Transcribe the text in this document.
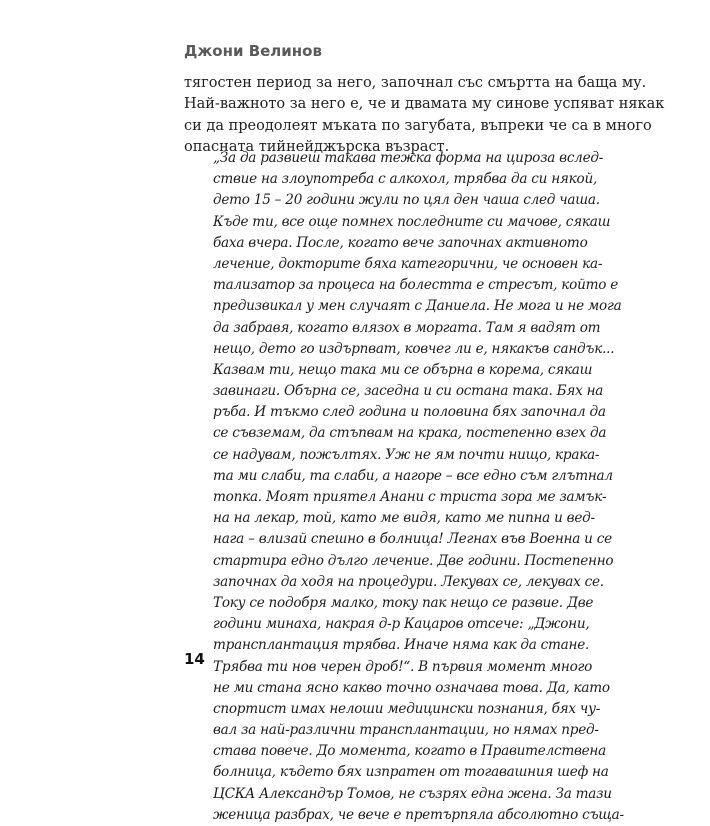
Джони Велинов
тягостен период за него, започнал със смъртта на баща му.
Най-важното за него е, че и двамата му синове успяват някак
си да преодолеят мъката по загубата, въпреки че са в много
опасната тийнейджърска възраст.
„За да развиеш такава тежка форма на цироза вслед-
ствие на злоупотреба с алкохол, трябва да си някой,
дето 15 – 20 години жули по цял ден чаша след чаша.
Къде ти, все още помнех последните си мачове, сякаш
баха вчера. После, когато вече започнах активното
лечение, докторите бяха категорични, че основен ка-
тализатор за процеса на болестта е стресът, който е
предизвикал у мен случаят с Даниела. Не мога и не мога
да забравя, когато влязох в моргата. Там я вадят от
нещо, дето го издърпват, ковчег ли е, някакъв сандък...
Казвам ти, нещо така ми се обърна в корема, сякаш
завинаги. Обърна се, заседна и си остана така. Бях на
ръба. И тъкмо след година и половина бях започнал да
се съвземам, да стъпвам на крака, постепенно взех да
се надувам, пожълтях. Уж не ям почти нищо, крака-
та ми слаби, та слаби, а нагоре – все едно съм глътнал
топка. Моят приятел Анани с триста зора ме замък-
на на лекар, той, като ме видя, като ме пипна и вед-
нага – влизай спешно в болница! Легнах във Военна и се
стартира едно дълго лечение. Две години. Постепенно
започнах да ходя на процедури. Лекувах се, лекувах се.
Току се подобря малко, току пак нещо се развие. Две
години минаха, накрая д-р Кацаров отсече: „Джони,
трансплантация трябва. Иначе няма как да стане.
Трябва ти нов черен дроб!“. В първия момент много
не ми стана ясно какво точно означава това. Да, като
спортист имах нелоши медицински познания, бях чу-
вал за най-различни трансплантации, но нямах пред-
става повече. До момента, когато в Правителствена
болница, където бях изпратен от тогавашния шеф на
ЦСКА Александър Томов, не съзрях една жена. За тази
женица разбрах, че вече е претърпяла абсолютно съща-
14
